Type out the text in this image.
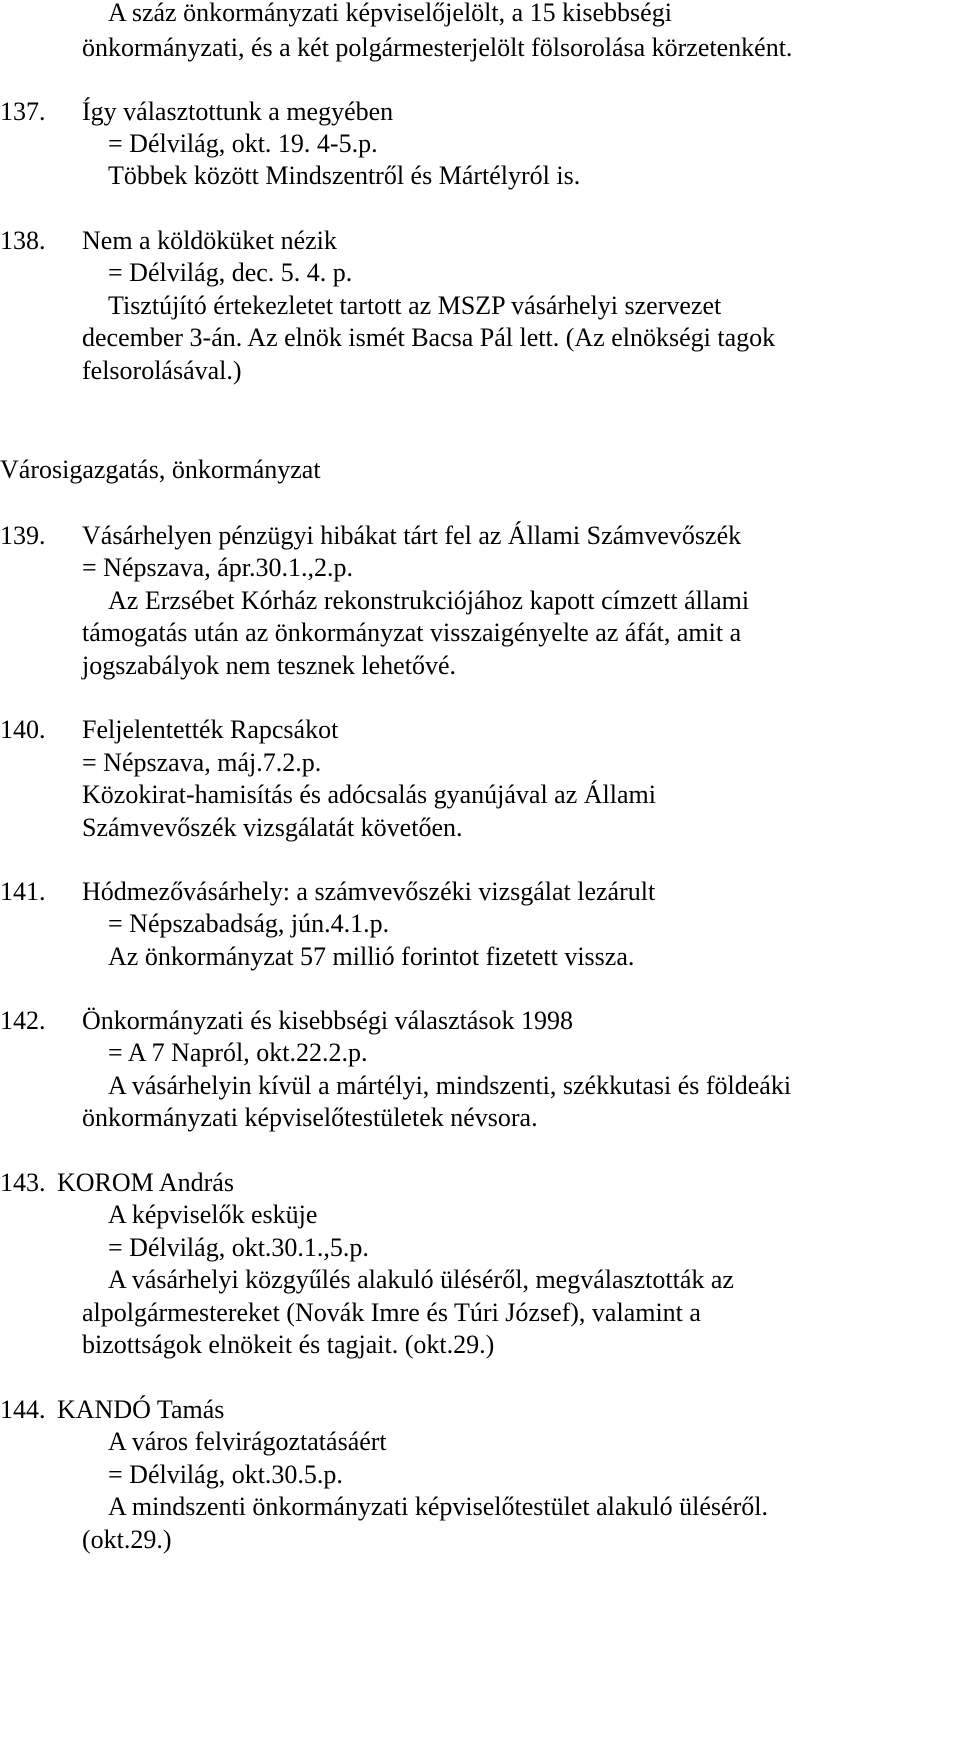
A száz önkormányzati képviselőjelölt, a 15 kisebbségi
önkormányzati, és a két polgármesterjelölt fölsorolása körzetenként.
137. Így választottunk a megyében
= Délvilág, okt. 19. 4-5.p.
Többek között Mindszentről és Mártélyról is.
138. Nem a köldöküket nézik
= Délvilág, dec. 5. 4. p.
Tisztújító értekezletet tartott az MSZP vásárhelyi szervezet
december 3-án. Az elnök ismét Bacsa Pál lett. (Az elnökségi tagok
felsorolásával.)
Városigazgatás, önkormányzat
139. Vásárhelyen pénzügyi hibákat tárt fel az Állami Számvevőszék
= Népszava, ápr.30.1.,2.p.
Az Erzsébet Kórház rekonstrukciójához kapott címzett állami
támogatás után az önkormányzat visszaigényelte az áfát, amit a
jogszabályok nem tesznek lehetővé.
140. Feljelentették Rapcsákot
= Népszava, máj.7.2.p.
Közokirat-hamisítás és adócsalás gyanújával az Állami
Számvevőszék vizsgálatát követően.
141. Hódmezővásárhely: a számvevőszéki vizsgálat lezárult
= Népszabadság, jún.4.1.p.
Az önkormányzat 57 millió forintot fizetett vissza.
142. Önkormányzati és kisebbségi választások 1998
= A 7 Napról, okt.22.2.p.
A vásárhelyin kívül a mártélyi, mindszenti, székkutasi és földeáki
önkormányzati képviselőtestületek névsora.
143. KOROM András
A képviselők esküje
= Délvilág, okt.30.1.,5.p.
A vásárhelyi közgyűlés alakuló üléséről, megválasztották az
alpolgármestereket (Novák Imre és Túri József), valamint a
bizottságok elnökeit és tagjait. (okt.29.)
144. KANDÓ Tamás
A város felvirágoztatásáért
= Délvilág, okt.30.5.p.
A mindszenti önkormányzati képviselőtestület alakuló üléséről.
(okt.29.)
